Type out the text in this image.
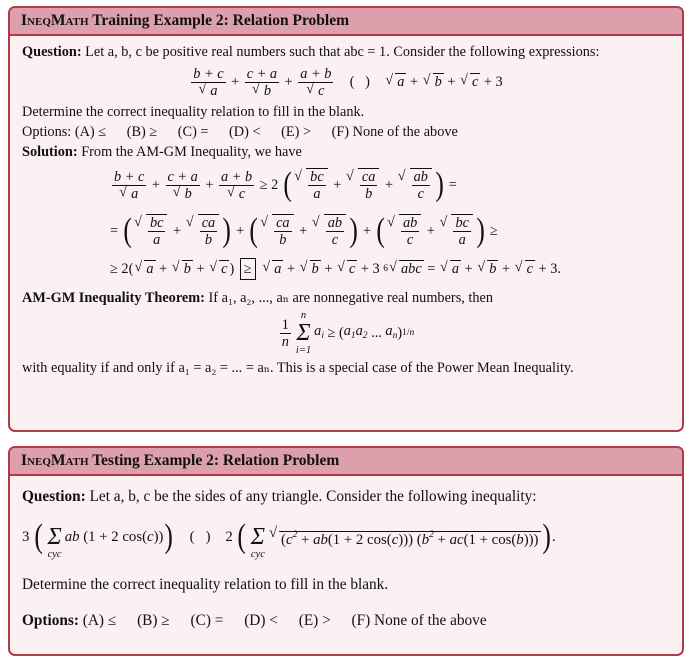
IneqMath Training Example 2: Relation Problem
Question: Let a, b, c be positive real numbers such that abc = 1. Consider the following expressions:
b + c
√ a + c + a
√ b + a + b
√ c (   ) √ a + √ b + √ c + 3
Determine the correct inequality relation to fill in the blank.
Options: (A) ≤ (B) ≥ (C) = (D) < (E) > (F) None of the above
Solution: From the AM-GM Inequality, we have
b + c
√ a + c + a
√ b + a + b
√ c ≥ 2 ( √ $\frac{bc}{a}$ + √ $\frac{ca}{b}$ + √ $\frac{ab}{c}$ ) =
= ( √ $\frac{bc}{a}$ + √ $\frac{ca}{b}$ ) + ( √ $\frac{ca}{b}$ + √ $\frac{ab}{c}$ ) + ( √ $\frac{ab}{c}$ + √ $\frac{bc}{a}$ ) ≥
≥ 2( √ a + √ b + √ c ) ≥
	√ a + √ b + √ c + 3 6 √ abc = √ a + √ b + √ c + 3.
AM-GM Inequality Theorem: If a₁, a₂, ..., aₙ are nonnegative real numbers, then
$\frac{1}{n}$
n
Σ
i=1
$a_i$ ≥ ( $a_1a_2$ ... $a_n$ ) 1/n
with equality if and only if a₁ = a₂ = ... = aₙ. This is a special case of the Power Mean Inequality.
IneqMath Testing Example 2: Relation Problem
Question: Let a, b, c be the sides of any triangle. Consider the following inequality:
3 (
Σ
cyc
ab (1 + 2 cos( c )) ) (   )    2 (
Σ
cyc
√ ($c^2 + ab(1 + 2$ cos(c))) $(b^2 + ac(1 + \cos(b)))$ ) .
Determine the correct inequality relation to fill in the blank.
Options: (A) ≤ (B) ≥ (C) = (D) < (E) > (F) None of the above
